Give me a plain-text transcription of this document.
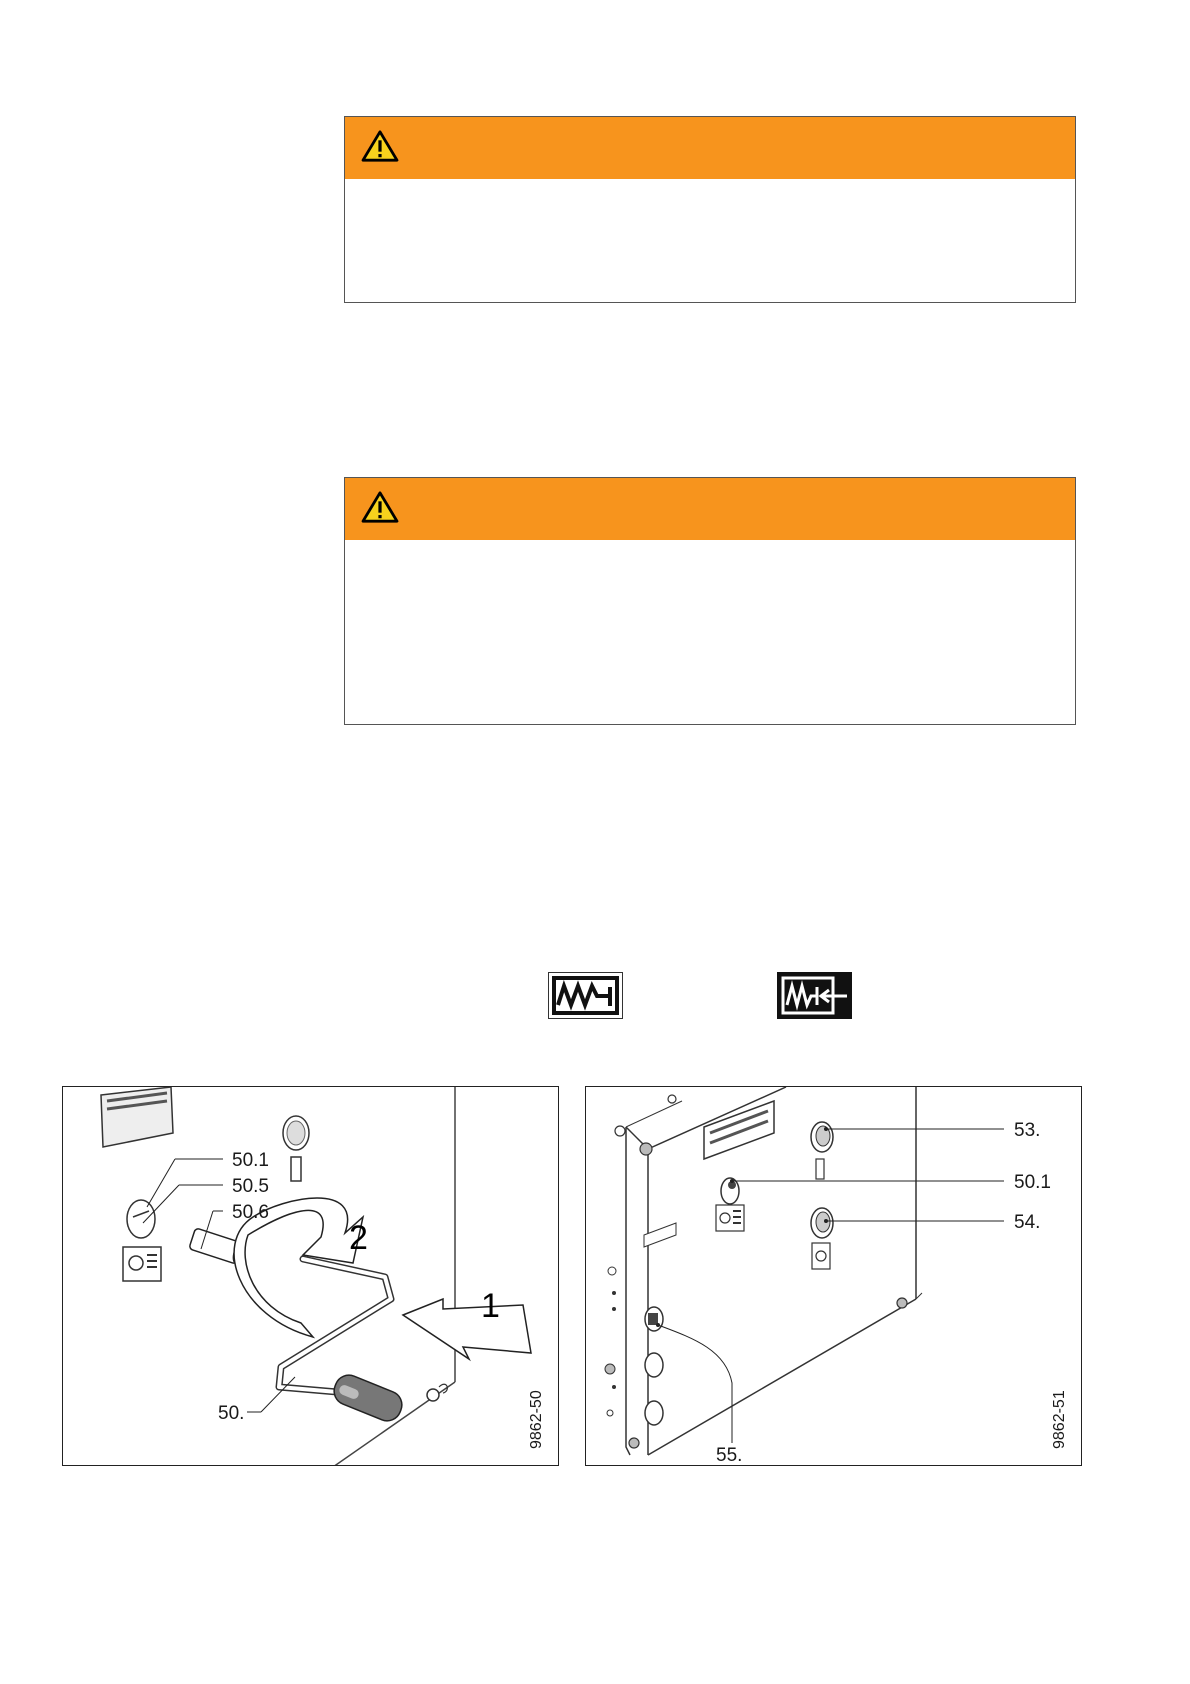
50.1
50.5
50.6
50.
2
1
9862-50
53.
50.1
54.
55.
9862-51
